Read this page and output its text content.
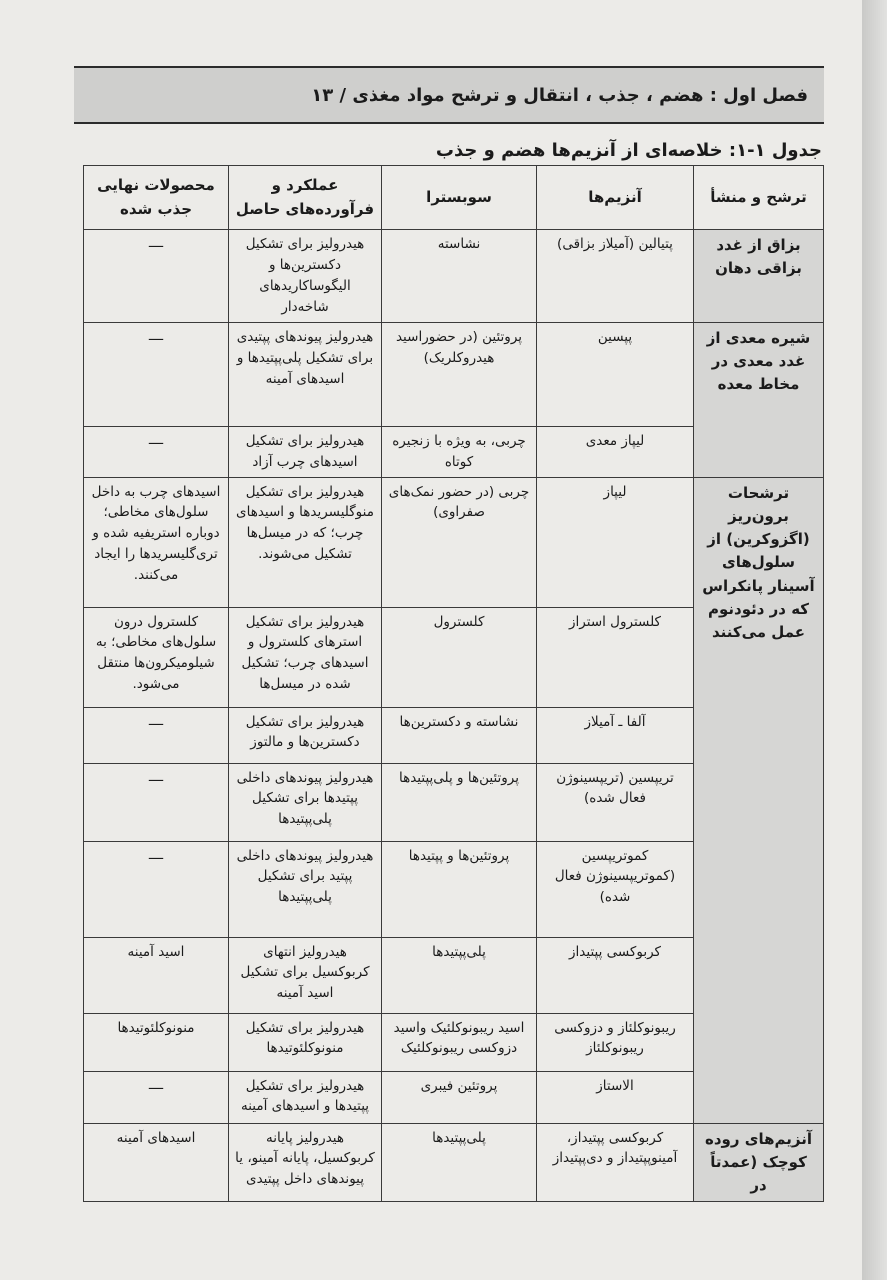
فصل اول : هضم ، جذب ، انتقال و ترشح مواد مغذی / ۱۳
جدول ۱-۱: خلاصه‌ای از آنزیم‌ها هضم و جذب
ترشح و منشأ	آنزیم‌ها	سوبسترا	عملکرد و فرآورده‌های حاصل	محصولات نهایی جذب شده
بزاق از غدد بزاقی دهان	پتیالین (آمیلاز بزاقی)	نشاسته	هیدرولیز برای تشکیل دکسترین‌ها و الیگوساکاریدهای شاخه‌دار	—
شیره معدی از غدد معدی در مخاط معده	پپسین	پروتئین (در حضوراسید هیدروکلریک)	هیدرولیز پیوندهای پپتیدی برای تشکیل پلی‌پپتیدها و اسیدهای آمینه	—
	لیپاز معدی	چربی، به ویژه با زنجیره کوتاه	هیدرولیز برای تشکیل اسیدهای چرب آزاد	—
ترشحات برون‌ریز (اگزوکرین) از سلول‌های آسینار پانکراس که در دئودنوم عمل می‌کنند	لیپاز	چربی (در حضور نمک‌های صفراوی)	هیدرولیز برای تشکیل منوگلیسریدها و اسیدهای چرب؛ که در میسل‌ها تشکیل می‌شوند.	اسیدهای چرب به داخل سلول‌های مخاطی؛ دوباره استریفیه شده و تری‌گلیسریدها را ایجاد می‌کنند.
	کلسترول استراز	کلسترول	هیدرولیز برای تشکیل استرهای کلسترول و اسیدهای چرب؛ تشکیل شده در میسل‌ها	کلسترول درون سلول‌های مخاطی؛ به شیلومیکرون‌ها منتقل می‌شود.
	آلفا ـ آمیلاز	نشاسته و دکسترین‌ها	هیدرولیز برای تشکیل دکسترین‌ها و مالتوز	—
	تریپسین (تریپسینوژن فعال شده)	پروتئین‌ها و پلی‌پپتیدها	هیدرولیز پیوندهای داخلی پپتیدها برای تشکیل پلی‌پپتیدها	—
	کموتریپسین (کموتریپسینوژن فعال شده)	پروتئین‌ها و پپتیدها	هیدرولیز پیوندهای داخلی پپتید برای تشکیل پلی‌پپتیدها	—
	کربوکسی پپتیداز	پلی‌پپتیدها	هیدرولیز انتهای کربوکسیل برای تشکیل اسید آمینه	اسید آمینه
	ریبونوکلئاز و دزوکسی ریبونوکلئاز	اسید ریبونوکلئیک واسید دزوکسی ریبونوکلئیک	هیدرولیز برای تشکیل منونوکلئوتیدها	منونوکلئوتیدها
	الاستاز	پروتئین فیبری	هیدرولیز برای تشکیل پپتیدها و اسیدهای آمینه	—
آنزیم‌های روده کوچک (عمدتاً در	کربوکسی پپتیداز، آمینوپپتیداز و دی‌پپتیداز	پلی‌پپتیدها	هیدرولیز پایانه کربوکسیل، پایانه آمینو، یا پیوندهای داخل پپتیدی	اسیدهای آمینه
